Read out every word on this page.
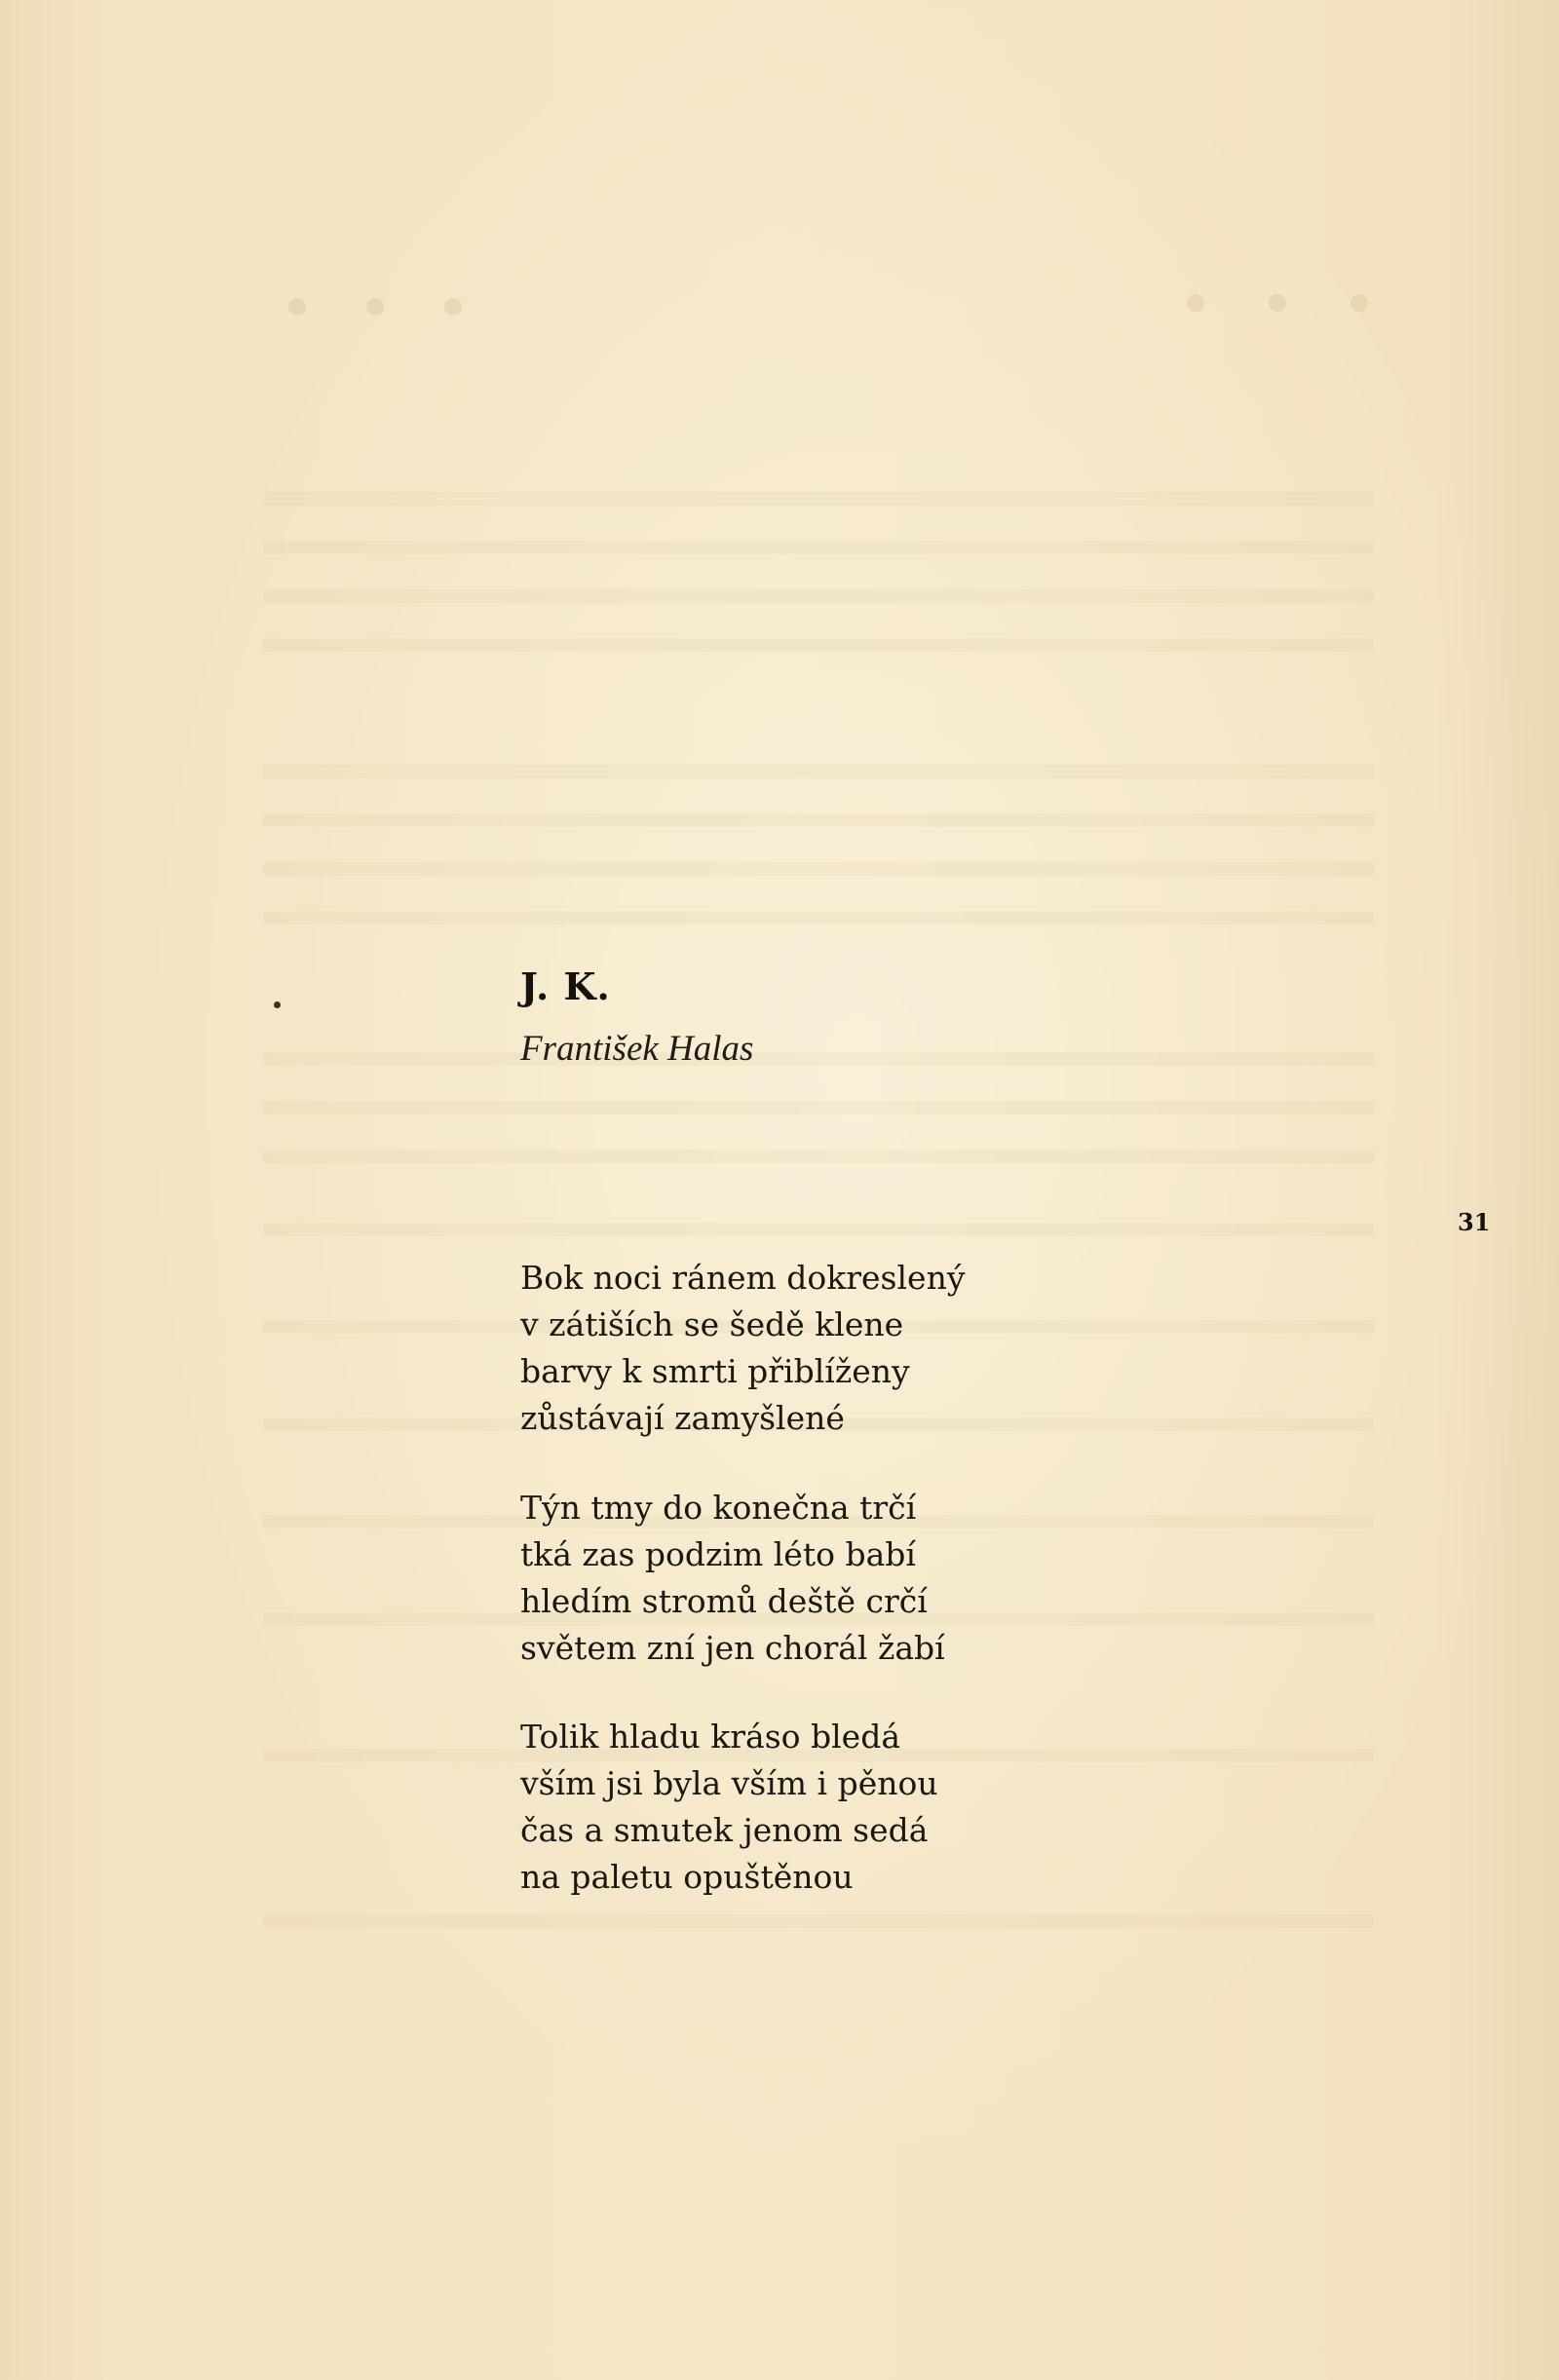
J. K.

František Halas

Bok noci ránem dokreslený
v zátiších se šedě klene
barvy k smrti přiblíženy
zůstávají zamyšlené
Týn tmy do konečna trčí
tká zas podzim léto babí
hledím stromů deště crčí
světem zní jen chorál žabí
Tolik hladu kráso bledá
vším jsi byla vším i pěnou
čas a smutek jenom sedá
na paletu opuštěnou

31
